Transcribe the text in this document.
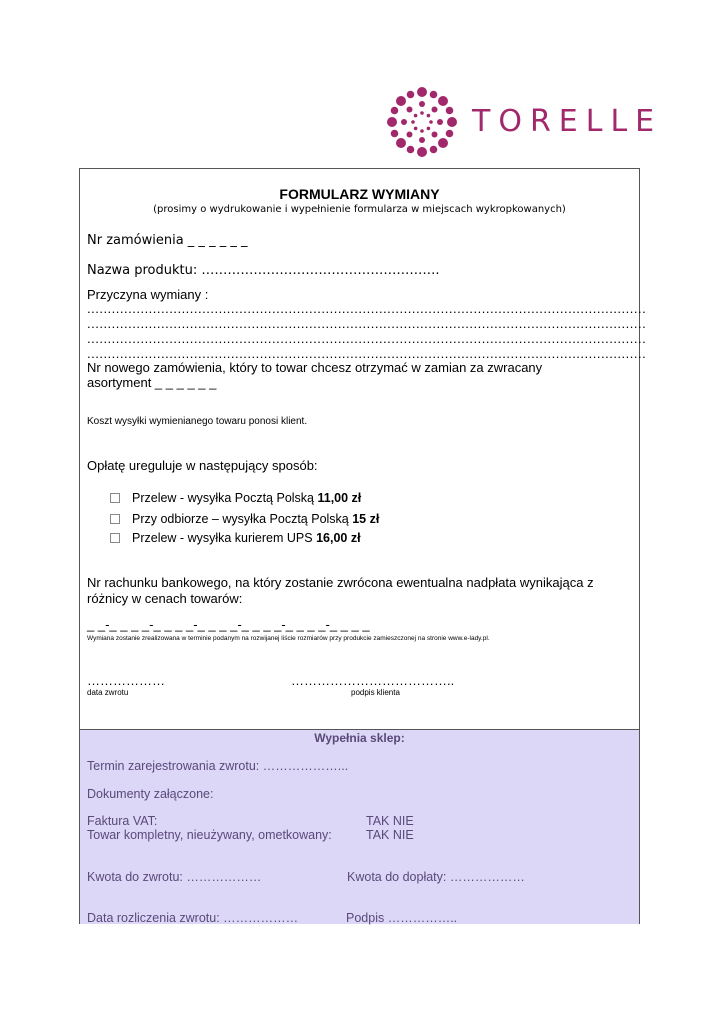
TORELLE
FORMULARZ WYMIANY
(prosimy o wydrukowanie i wypełnienie formularza w miejscach wykropkowanych)
Nr zamówienia _ _ _ _ _ _
Nazwa produktu: ……………………………………………….
Przyczyna wymiany :
........................................................................................................................................
........................................................................................................................................
........................................................................................................................................
........................................................................................................................................
Nr nowego zamówienia, który to towar chcesz otrzymać w zamian za zwracany
asortyment _ _ _ _ _ _
Koszt wysyłki wymienianego towaru ponosi klient.
Opłatę ureguluje w następujący sposób:
Przelew - wysyłka Pocztą Polską 11,00 zł
Przy odbiorze – wysyłka Pocztą Polską 15 zł
Przelew - wysyłka kurierem UPS 16,00 zł
Nr rachunku bankowego, na który zostanie zwrócona ewentualna nadpłata wynikająca z
różnicy w cenach towarów:
_ _-_ _ _ _-_ _ _ _-_ _ _ _-_ _ _ _-_ _ _ _-_ _ _ _
Wymiana zostanie zrealizowana w terminie podanym na rozwijanej liście rozmiarów przy produkcie zamieszczonej na stronie www.e-lady.pl.
………………
data zwrotu
………………………………..
podpis klienta
Wypełnia sklep:
Termin zarejestrowania zwrotu: ………………...
Dokumenty załączone:
Faktura VAT:	TAK NIE
Towar kompletny, nieużywany, ometkowany:	TAK NIE
Kwota do zwrotu: ………………	Kwota do dopłaty: ………………
Data rozliczenia zwrotu: ………………	Podpis ……………..
